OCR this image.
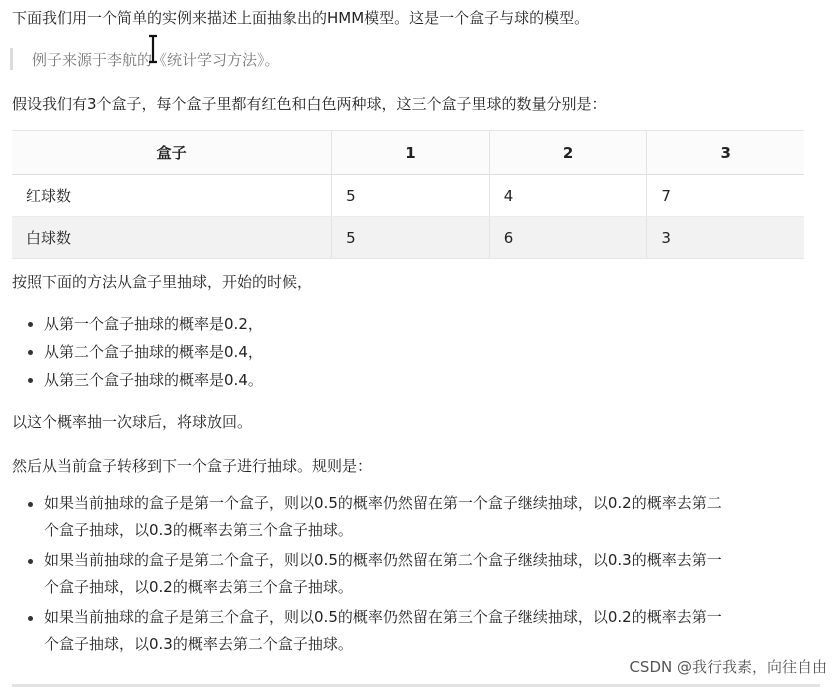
下面我们用一个简单的实例来描述上面抽象出的HMM模型。这是一个盒子与球的模型。

例子来源于李航的《统计学习方法》。

假设我们有3个盒子，每个盒子里都有红色和白色两种球，这三个盒子里球的数量分别是：

盒子	1	2	3
红球数	5	4	7
白球数	5	6	3

按照下面的方法从盒子里抽球，开始的时候，

从第一个盒子抽球的概率是0.2，
从第二个盒子抽球的概率是0.4，
从第三个盒子抽球的概率是0.4。

以这个概率抽一次球后，将球放回。

然后从当前盒子转移到下一个盒子进行抽球。规则是：

如果当前抽球的盒子是第一个盒子，则以0.5的概率仍然留在第一个盒子继续抽球，以0.2的概率去第二
个盒子抽球，以0.3的概率去第三个盒子抽球。
如果当前抽球的盒子是第二个盒子，则以0.5的概率仍然留在第二个盒子继续抽球，以0.3的概率去第一
个盒子抽球，以0.2的概率去第三个盒子抽球。
如果当前抽球的盒子是第三个盒子，则以0.5的概率仍然留在第三个盒子继续抽球，以0.2的概率去第一
个盒子抽球，以0.3的概率去第二个盒子抽球。
CSDN @我行我素，向往自由
